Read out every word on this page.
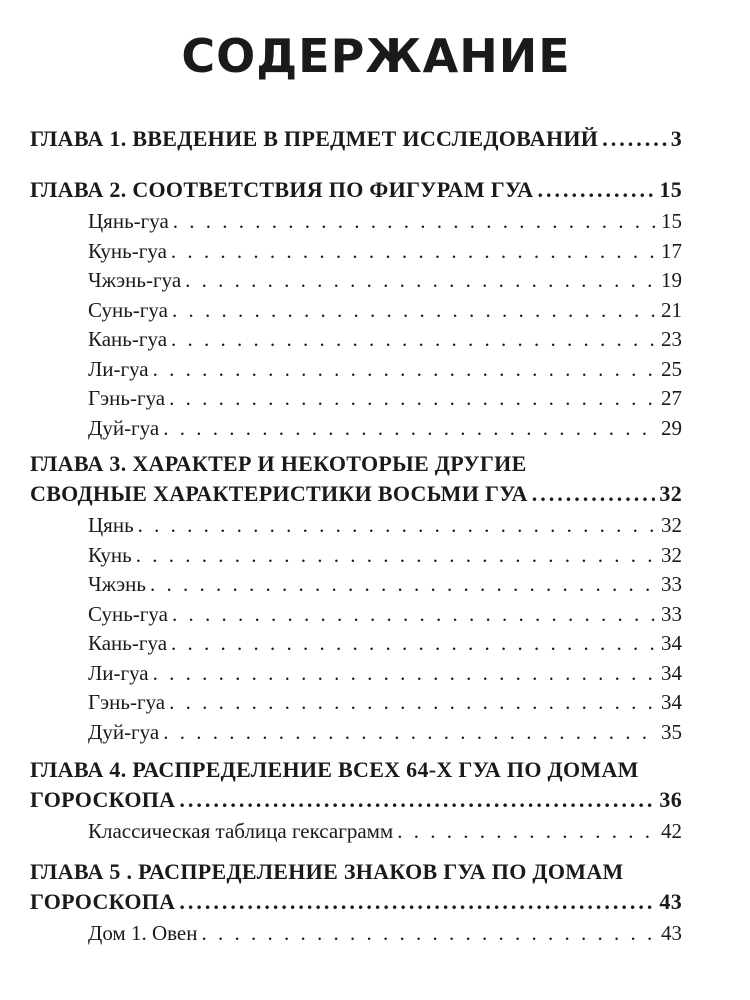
СОДЕРЖАНИЕ
ГЛАВА 1. ВВЕДЕНИЕ В ПРЕДМЕТ ИССЛЕДОВАНИЙ .....	3
ГЛАВА 2. СООТВЕТСТВИЯ ПО ФИГУРАМ ГУА .....	15
Цянь-гуа . . .	15
Кунь-гуа . . .	17
Чжэнь-гуа . . .	19
Сунь-гуа . . .	21
Кань-гуа . . .	23
Ли-гуа . . .	25
Гэнь-гуа . . .	27
Дуй-гуа . . .	29
ГЛАВА 3. ХАРАКТЕР И НЕКОТОРЫЕ ДРУГИЕ
СВОДНЫЕ ХАРАКТЕРИСТИКИ ВОСЬМИ ГУА .....	32
Цянь . . .	32
Кунь . . .	32
Чжэнь . . .	33
Сунь-гуа . . .	33
Кань-гуа . . .	34
Ли-гуа . . .	34
Гэнь-гуа . . .	34
Дуй-гуа . . .	35
ГЛАВА 4. РАСПРЕДЕЛЕНИЕ ВСЕХ 64-Х ГУА ПО ДОМАМ
ГОРОСКОПА .....	36
Классическая таблица гексаграмм . . .	42
ГЛАВА 5 . РАСПРЕДЕЛЕНИЕ ЗНАКОВ ГУА ПО ДОМАМ
ГОРОСКОПА .....	43
Дом 1. Овен . . .	43
